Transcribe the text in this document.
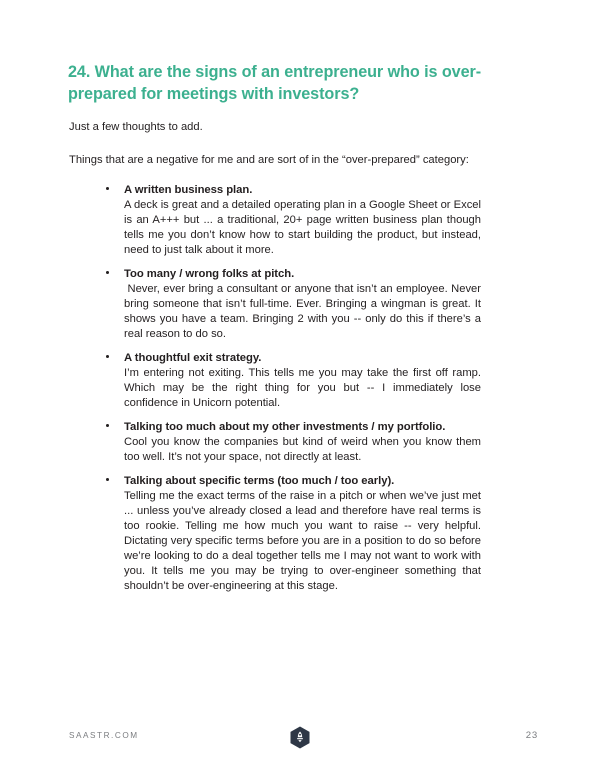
24. What are the signs of an entrepreneur who is over-prepared for meetings with investors?

Just a few thoughts to add.

Things that are a negative for me and are sort of in the “over-prepared” category:

A written business plan.
A deck is great and a detailed operating plan in a Google Sheet or Excel is an A+++ but ... a traditional, 20+ page written business plan though tells me you don’t know how to start building the product, but instead, need to just talk about it more.
Too many / wrong folks at pitch.
Never, ever bring a consultant or anyone that isn’t an employee. Never bring someone that isn’t full-time. Ever. Bringing a wingman is great. It shows you have a team. Bringing 2 with you -- only do this if there’s a real reason to do so.
A thoughtful exit strategy.
I’m entering not exiting. This tells me you may take the first off ramp. Which may be the right thing for you but -- I immediately lose confidence in Unicorn potential.
Talking too much about my other investments / my portfolio.
Cool you know the companies but kind of weird when you know them too well. It’s not your space, not directly at least.
Talking about specific terms (too much / too early).
Telling me the exact terms of the raise in a pitch or when we’ve just met ... unless you’ve already closed a lead and therefore have real terms is too rookie. Telling me how much you want to raise -- very helpful. Dictating very specific terms before you are in a position to do so before we’re looking to do a deal together tells me I may not want to work with you. It tells me you may be trying to over-engineer something that shouldn’t be over-engineering at this stage.
SAASTR.COM	23
